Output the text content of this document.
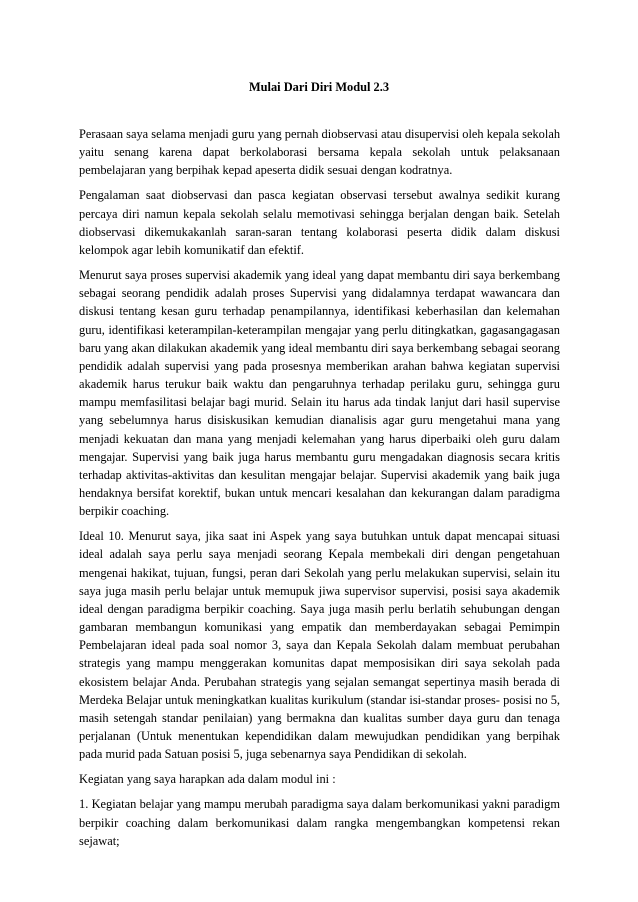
Mulai Dari Diri Modul 2.3

Perasaan saya selama menjadi guru yang pernah diobservasi atau disupervisi oleh kepala sekolah yaitu senang karena dapat berkolaborasi bersama kepala sekolah untuk pelaksanaan pembelajaran yang berpihak kepad apeserta didik sesuai dengan kodratnya.

Pengalaman saat diobservasi dan pasca kegiatan observasi tersebut awalnya sedikit kurang percaya diri namun kepala sekolah selalu memotivasi sehingga berjalan dengan baik. Setelah diobservasi dikemukakanlah saran-saran tentang kolaborasi peserta didik dalam diskusi kelompok agar lebih komunikatif dan efektif.

Menurut saya proses supervisi akademik yang ideal yang dapat membantu diri saya berkembang sebagai seorang pendidik adalah proses Supervisi yang didalamnya terdapat wawancara dan diskusi tentang kesan guru terhadap penampilannya, identifikasi keberhasilan dan kelemahan guru, identifikasi keterampilan-keterampilan mengajar yang perlu ditingkatkan, gagasangagasan baru yang akan dilakukan akademik yang ideal membantu diri saya berkembang sebagai seorang pendidik adalah supervisi yang pada prosesnya memberikan arahan bahwa kegiatan supervisi akademik harus terukur baik waktu dan pengaruhnya terhadap perilaku guru, sehingga guru mampu memfasilitasi belajar bagi murid. Selain itu harus ada tindak lanjut dari hasil supervise yang sebelumnya harus disiskusikan kemudian dianalisis agar guru mengetahui mana yang menjadi kekuatan dan mana yang menjadi kelemahan yang harus diperbaiki oleh guru dalam mengajar. Supervisi yang baik juga harus membantu guru mengadakan diagnosis secara kritis terhadap aktivitas-aktivitas dan kesulitan mengajar belajar. Supervisi akademik yang baik juga hendaknya bersifat korektif, bukan untuk mencari kesalahan dan kekurangan dalam paradigma berpikir coaching.

Ideal 10. Menurut saya, jika saat ini Aspek yang saya butuhkan untuk dapat mencapai situasi ideal adalah saya perlu saya menjadi seorang Kepala membekali diri dengan pengetahuan mengenai hakikat, tujuan, fungsi, peran dari Sekolah yang perlu melakukan supervisi, selain itu saya juga masih perlu belajar untuk memupuk jiwa supervisor supervisi, posisi saya akademik ideal dengan paradigma berpikir coaching. Saya juga masih perlu berlatih sehubungan dengan gambaran membangun komunikasi yang empatik dan memberdayakan sebagai Pemimpin Pembelajaran ideal pada soal nomor 3, saya dan Kepala Sekolah dalam membuat perubahan strategis yang mampu menggerakan komunitas dapat memposisikan diri saya sekolah pada ekosistem belajar Anda. Perubahan strategis yang sejalan semangat sepertinya masih berada di Merdeka Belajar untuk meningkatkan kualitas kurikulum (standar isi-standar proses- posisi no 5, masih setengah standar penilaian) yang bermakna dan kualitas sumber daya guru dan tenaga perjalanan (Untuk menentukan kependidikan dalam mewujudkan pendidikan yang berpihak pada murid pada Satuan posisi 5, juga sebenarnya saya Pendidikan di sekolah.

Kegiatan yang saya harapkan ada dalam modul ini :

1. Kegiatan belajar yang mampu merubah paradigma saya dalam berkomunikasi yakni paradigm berpikir coaching dalam berkomunikasi dalam rangka mengembangkan kompetensi rekan sejawat;
